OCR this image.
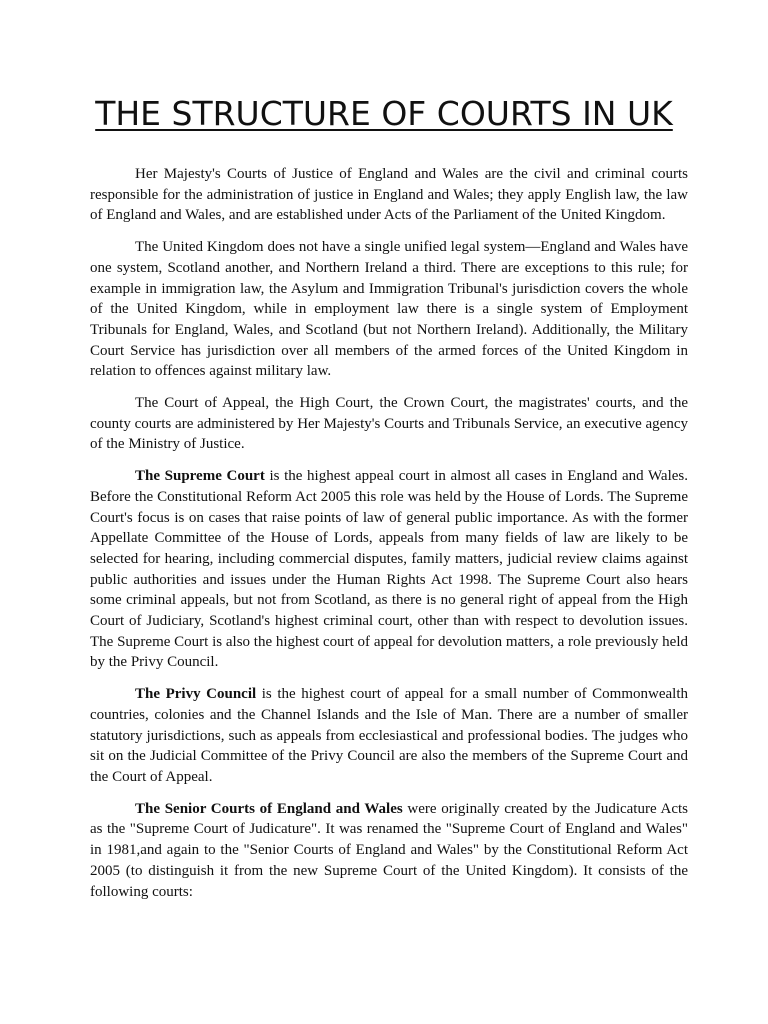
THE STRUCTURE OF COURTS IN UK

Her Majesty's Courts of Justice of England and Wales are the civil and criminal courts responsible for the administration of justice in England and Wales; they apply English law, the law of England and Wales, and are established under Acts of the Parliament of the United Kingdom.

The United Kingdom does not have a single unified legal system—England and Wales have one system, Scotland another, and Northern Ireland a third. There are exceptions to this rule; for example in immigration law, the Asylum and Immigration Tribunal's jurisdiction covers the whole of the United Kingdom, while in employment law there is a single system of Employment Tribunals for England, Wales, and Scotland (but not Northern Ireland). Additionally, the Military Court Service has jurisdiction over all members of the armed forces of the United Kingdom in relation to offences against military law.

The Court of Appeal, the High Court, the Crown Court, the magistrates' courts, and the county courts are administered by Her Majesty's Courts and Tribunals Service, an executive agency of the Ministry of Justice.

The Supreme Court is the highest appeal court in almost all cases in England and Wales. Before the Constitutional Reform Act 2005 this role was held by the House of Lords. The Supreme Court's focus is on cases that raise points of law of general public importance. As with the former Appellate Committee of the House of Lords, appeals from many fields of law are likely to be selected for hearing, including commercial disputes, family matters, judicial review claims against public authorities and issues under the Human Rights Act 1998. The Supreme Court also hears some criminal appeals, but not from Scotland, as there is no general right of appeal from the High Court of Judiciary, Scotland's highest criminal court, other than with respect to devolution issues. The Supreme Court is also the highest court of appeal for devolution matters, a role previously held by the Privy Council.

The Privy Council is the highest court of appeal for a small number of Commonwealth countries, colonies and the Channel Islands and the Isle of Man. There are a number of smaller statutory jurisdictions, such as appeals from ecclesiastical and professional bodies. The judges who sit on the Judicial Committee of the Privy Council are also the members of the Supreme Court and the Court of Appeal.

The Senior Courts of England and Wales were originally created by the Judicature Acts as the "Supreme Court of Judicature". It was renamed the "Supreme Court of England and Wales" in 1981,and again to the "Senior Courts of England and Wales" by the Constitutional Reform Act 2005 (to distinguish it from the new Supreme Court of the United Kingdom). It consists of the following courts:
